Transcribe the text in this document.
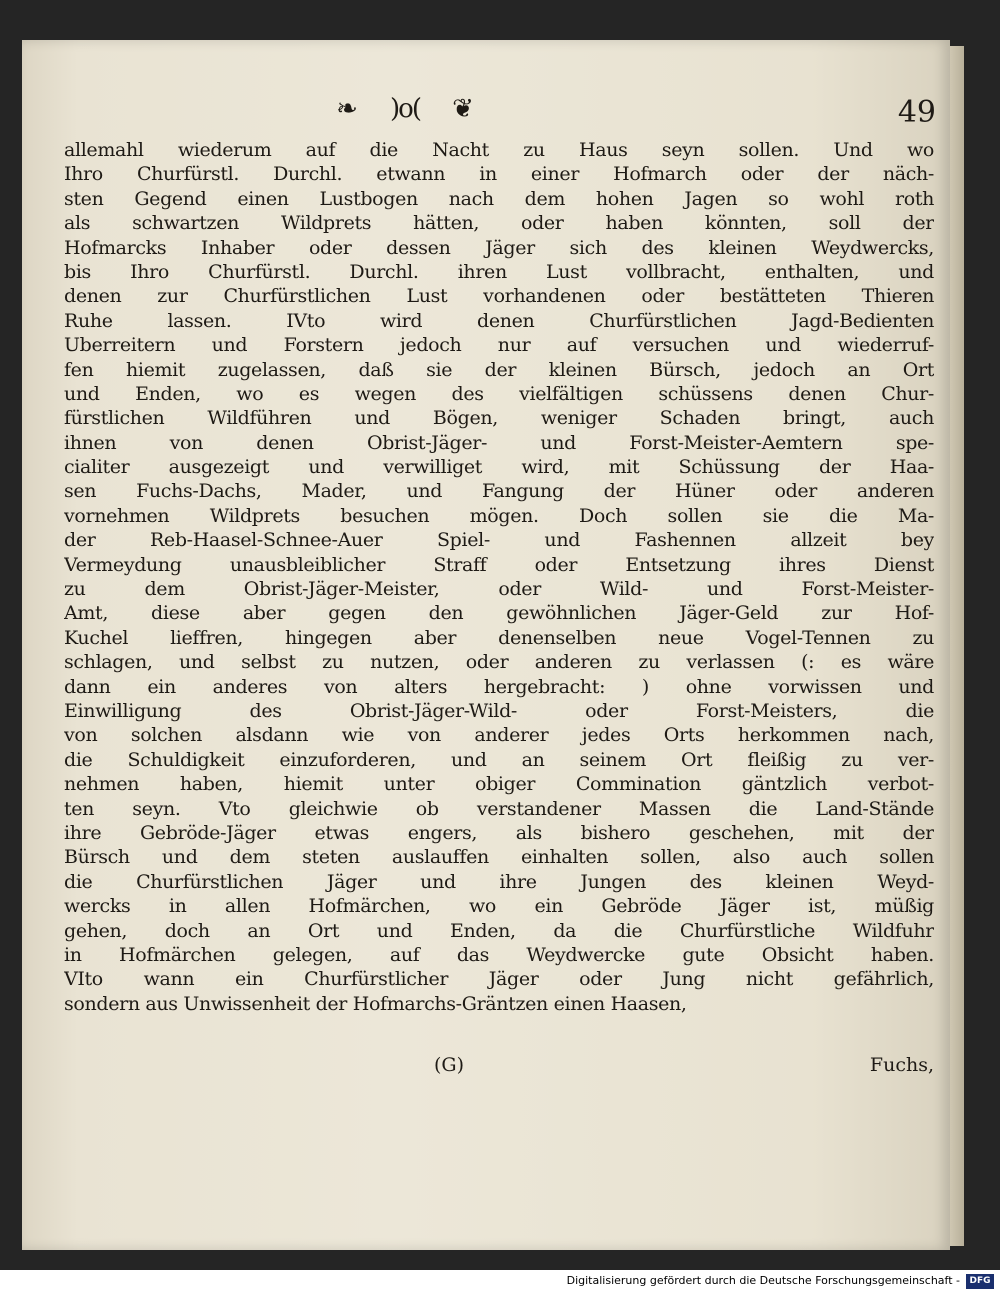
❧ )o( ❦	49
allemahl wiederum auf die Nacht zu Haus seyn sollen. Und wo
Ihro Churfürstl. Durchl. etwann in einer Hofmarch oder der näch-
sten Gegend einen Lustbogen nach dem hohen Jagen so wohl roth
als schwartzen Wildprets hätten, oder haben könnten, soll der
Hofmarcks Inhaber oder dessen Jäger sich des kleinen Weydwercks,
bis Ihro Churfürstl. Durchl. ihren Lust vollbracht, enthalten, und
denen zur Churfürstlichen Lust vorhandenen oder bestätteten Thieren
Ruhe lassen. IVto wird denen Churfürstlichen Jagd-Bedienten
Uberreitern und Forstern jedoch nur auf versuchen und wiederruf-
fen hiemit zugelassen, daß sie der kleinen Bürsch, jedoch an Ort
und Enden, wo es wegen des vielfältigen schüssens denen Chur-
fürstlichen Wildführen und Bögen, weniger Schaden bringt, auch
ihnen von denen Obrist-Jäger- und Forst-Meister-Aemtern spe-
cialiter ausgezeigt und verwilliget wird, mit Schüssung der Haa-
sen Fuchs-Dachs, Mader, und Fangung der Hüner oder anderen
vornehmen Wildprets besuchen mögen. Doch sollen sie die Ma-
der Reb-Haasel-Schnee-Auer Spiel- und Fashennen allzeit bey
Vermeydung unausbleiblicher Straff oder Entsetzung ihres Dienst
zu dem Obrist-Jäger-Meister, oder Wild- und Forst-Meister-
Amt, diese aber gegen den gewöhnlichen Jäger-Geld zur Hof-
Kuchel lieffren, hingegen aber denenselben neue Vogel-Tennen zu
schlagen, und selbst zu nutzen, oder anderen zu verlassen (: es wäre
dann ein anderes von alters hergebracht: ) ohne vorwissen und
Einwilligung des Obrist-Jäger-Wild- oder Forst-Meisters, die
von solchen alsdann wie von anderer jedes Orts herkommen nach,
die Schuldigkeit einzuforderen, und an seinem Ort fleißig zu ver-
nehmen haben, hiemit unter obiger Commination gäntzlich verbot-
ten seyn. Vto gleichwie ob verstandener Massen die Land-Stände
ihre Gebröde-Jäger etwas engers, als bishero geschehen, mit der
Bürsch und dem steten auslauffen einhalten sollen, also auch sollen
die Churfürstlichen Jäger und ihre Jungen des kleinen Weyd-
wercks in allen Hofmärchen, wo ein Gebröde Jäger ist, müßig
gehen, doch an Ort und Enden, da die Churfürstliche Wildfuhr
in Hofmärchen gelegen, auf das Weydwercke gute Obsicht haben.
VIto wann ein Churfürstlicher Jäger oder Jung nicht gefährlich,
sondern aus Unwissenheit der Hofmarchs-Gräntzen einen Haasen,
(G)	Fuchs,
Digitalisierung gefördert durch die Deutsche Forschungsgemeinschaft -	DFG
